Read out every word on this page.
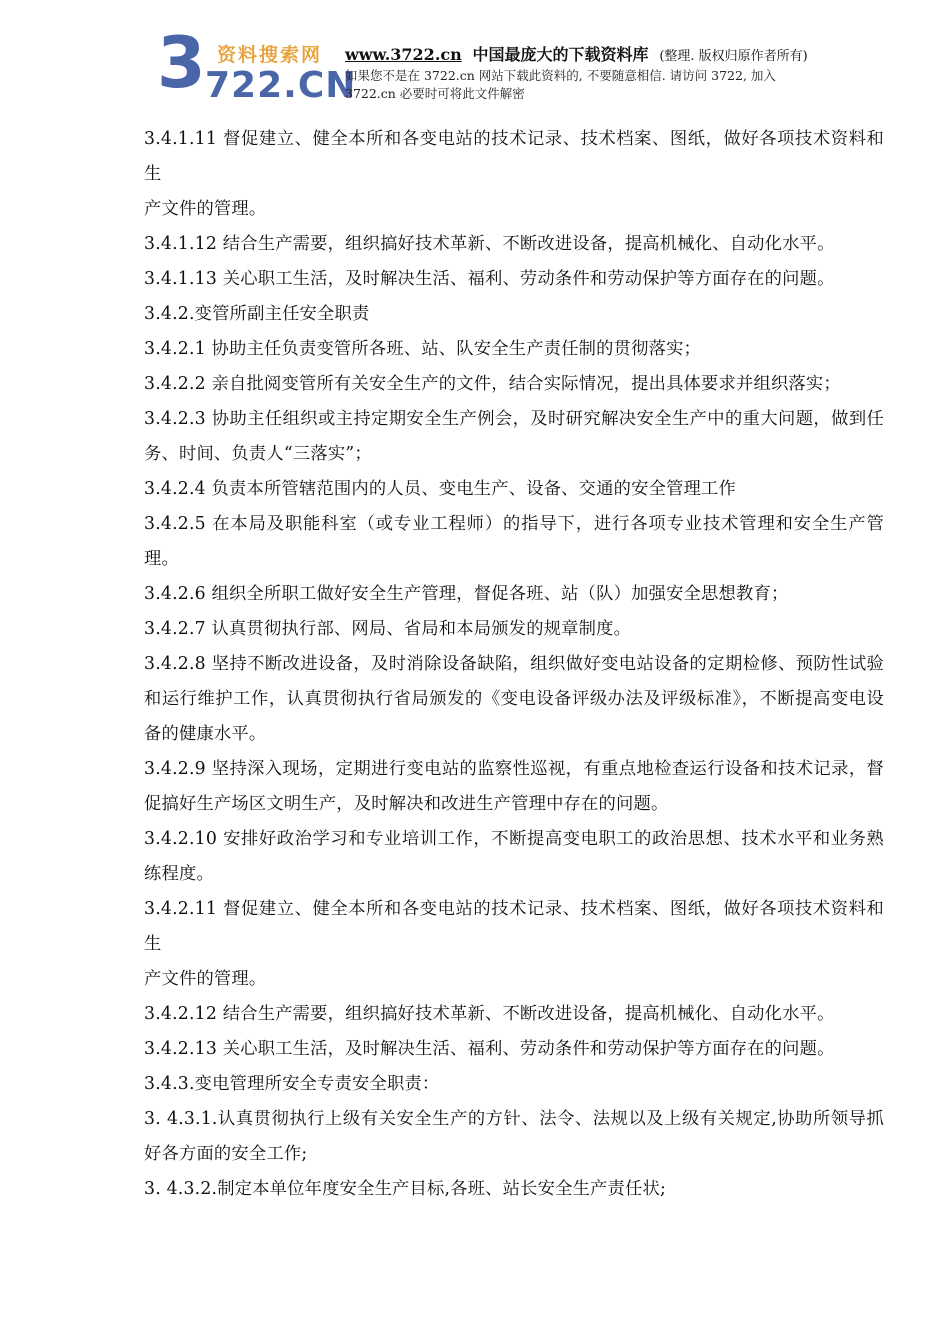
3 资料搜索网
722.CN
www.3722.cn 中国最庞大的下载资料库 (整理. 版权归原作者所有)
如果您不是在 3722.cn 网站下载此资料的, 不要随意相信. 请访问 3722, 加入
3722.cn 必要时可将此文件解密

3.4.1.11 督促建立、健全本所和各变电站的技术记录、技术档案、图纸，做好各项技术资料和生

产文件的管理。

3.4.1.12 结合生产需要，组织搞好技术革新、不断改进设备，提高机械化、自动化水平。

3.4.1.13 关心职工生活，及时解决生活、福利、劳动条件和劳动保护等方面存在的问题。

3.4.2.变管所副主任安全职责

3.4.2.1 协助主任负责变管所各班、站、队安全生产责任制的贯彻落实；

3.4.2.2 亲自批阅变管所有关安全生产的文件，结合实际情况，提出具体要求并组织落实；

3.4.2.3 协助主任组织或主持定期安全生产例会，及时研究解决安全生产中的重大问题，做到任务、时间、负责人“三落实”；

3.4.2.4 负责本所管辖范围内的人员、变电生产、设备、交通的安全管理工作

3.4.2.5 在本局及职能科室（或专业工程师）的指导下，进行各项专业技术管理和安全生产管理。

3.4.2.6 组织全所职工做好安全生产管理，督促各班、站（队）加强安全思想教育；

3.4.2.7 认真贯彻执行部、网局、省局和本局颁发的规章制度。

3.4.2.8 坚持不断改进设备，及时消除设备缺陷，组织做好变电站设备的定期检修、预防性试验和运行维护工作，认真贯彻执行省局颁发的《变电设备评级办法及评级标准》，不断提高变电设备的健康水平。

3.4.2.9 坚持深入现场，定期进行变电站的监察性巡视，有重点地检查运行设备和技术记录，督促搞好生产场区文明生产，及时解决和改进生产管理中存在的问题。

3.4.2.10 安排好政治学习和专业培训工作，不断提高变电职工的政治思想、技术水平和业务熟练程度。

3.4.2.11 督促建立、健全本所和各变电站的技术记录、技术档案、图纸，做好各项技术资料和生

产文件的管理。

3.4.2.12 结合生产需要，组织搞好技术革新、不断改进设备，提高机械化、自动化水平。

3.4.2.13 关心职工生活，及时解决生活、福利、劳动条件和劳动保护等方面存在的问题。

3.4.3.变电管理所安全专责安全职责：

3. 4.3.1.认真贯彻执行上级有关安全生产的方针、法令、法规以及上级有关规定,协助所领导抓好各方面的安全工作;

3. 4.3.2.制定本单位年度安全生产目标,各班、站长安全生产责任状;
